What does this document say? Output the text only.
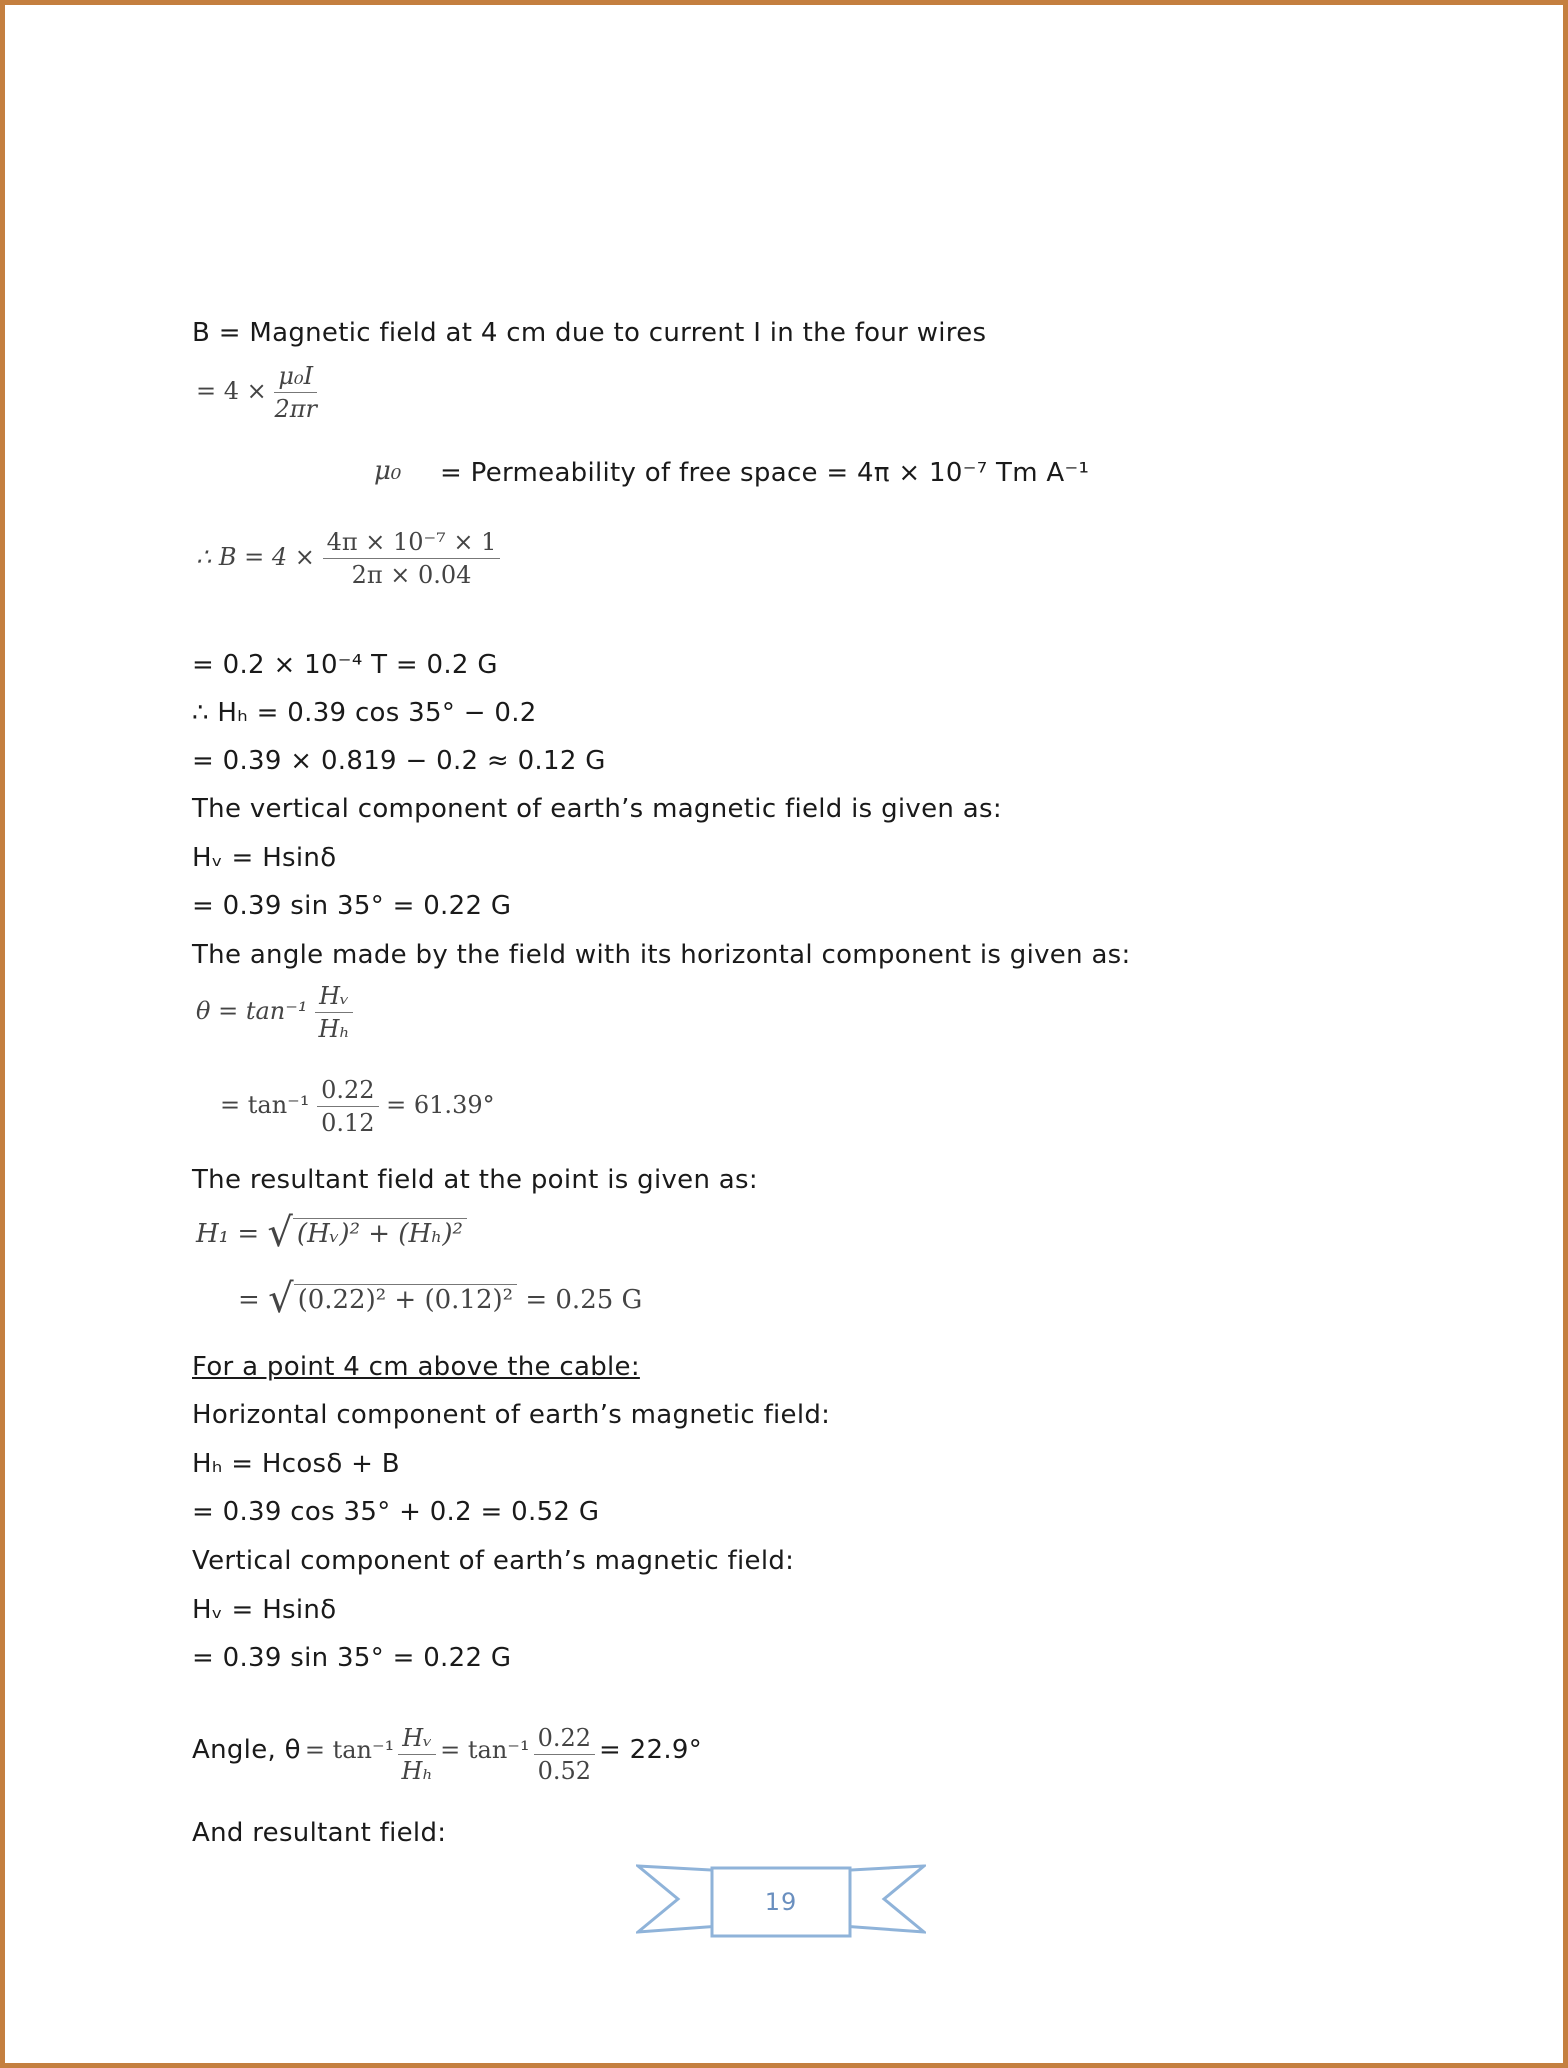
B = Magnetic field at 4 cm due to current I in the four wires
= $4 \times \frac{\text{μ₀I}}{2\pi r}$
μ₀ = Permeability of free space = 4π × 10⁻⁷ Tm A⁻¹
∴ $B = 4 \times \frac{\text{4π × 10⁻⁷ × 1}}{2\pi \times 0.04}$
= 0.2 × 10⁻⁴ T = 0.2 G
∴ Hₕ = 0.39 cos 35° − 0.2
= 0.39 × 0.819 − 0.2 ≈ 0.12 G
The vertical component of earth’s magnetic field is given as:
Hᵥ = Hsinδ
= 0.39 sin 35° = 0.22 G
The angle made by the field with its horizontal component is given as:
$\theta = \tan^{-1} \frac{\text{Hᵥ}}{\text{Hₕ}}$
= $\tan^{-1} \frac{0.22}{0.12} = 61.39^\circ$
The resultant field at the point is given as:
H₁ = √ (Hᵥ)² + (Hₕ)²
= √ (0.22)² + (0.12)² = 0.25 G
For a point 4 cm above the cable:
Horizontal component of earth’s magnetic field:
Hₕ = Hcosδ + B
= 0.39 cos 35° + 0.2 = 0.52 G
Vertical component of earth’s magnetic field:
Hᵥ = Hsinδ
= 0.39 sin 35° = 0.22 G
Angle, $\theta = \tan^{-1} \frac{\text{Hᵥ}}{\text{Hₕ}} = \tan^{-1} \frac{0.22}{0.52} = 22.9^\circ$
And resultant field:
19
